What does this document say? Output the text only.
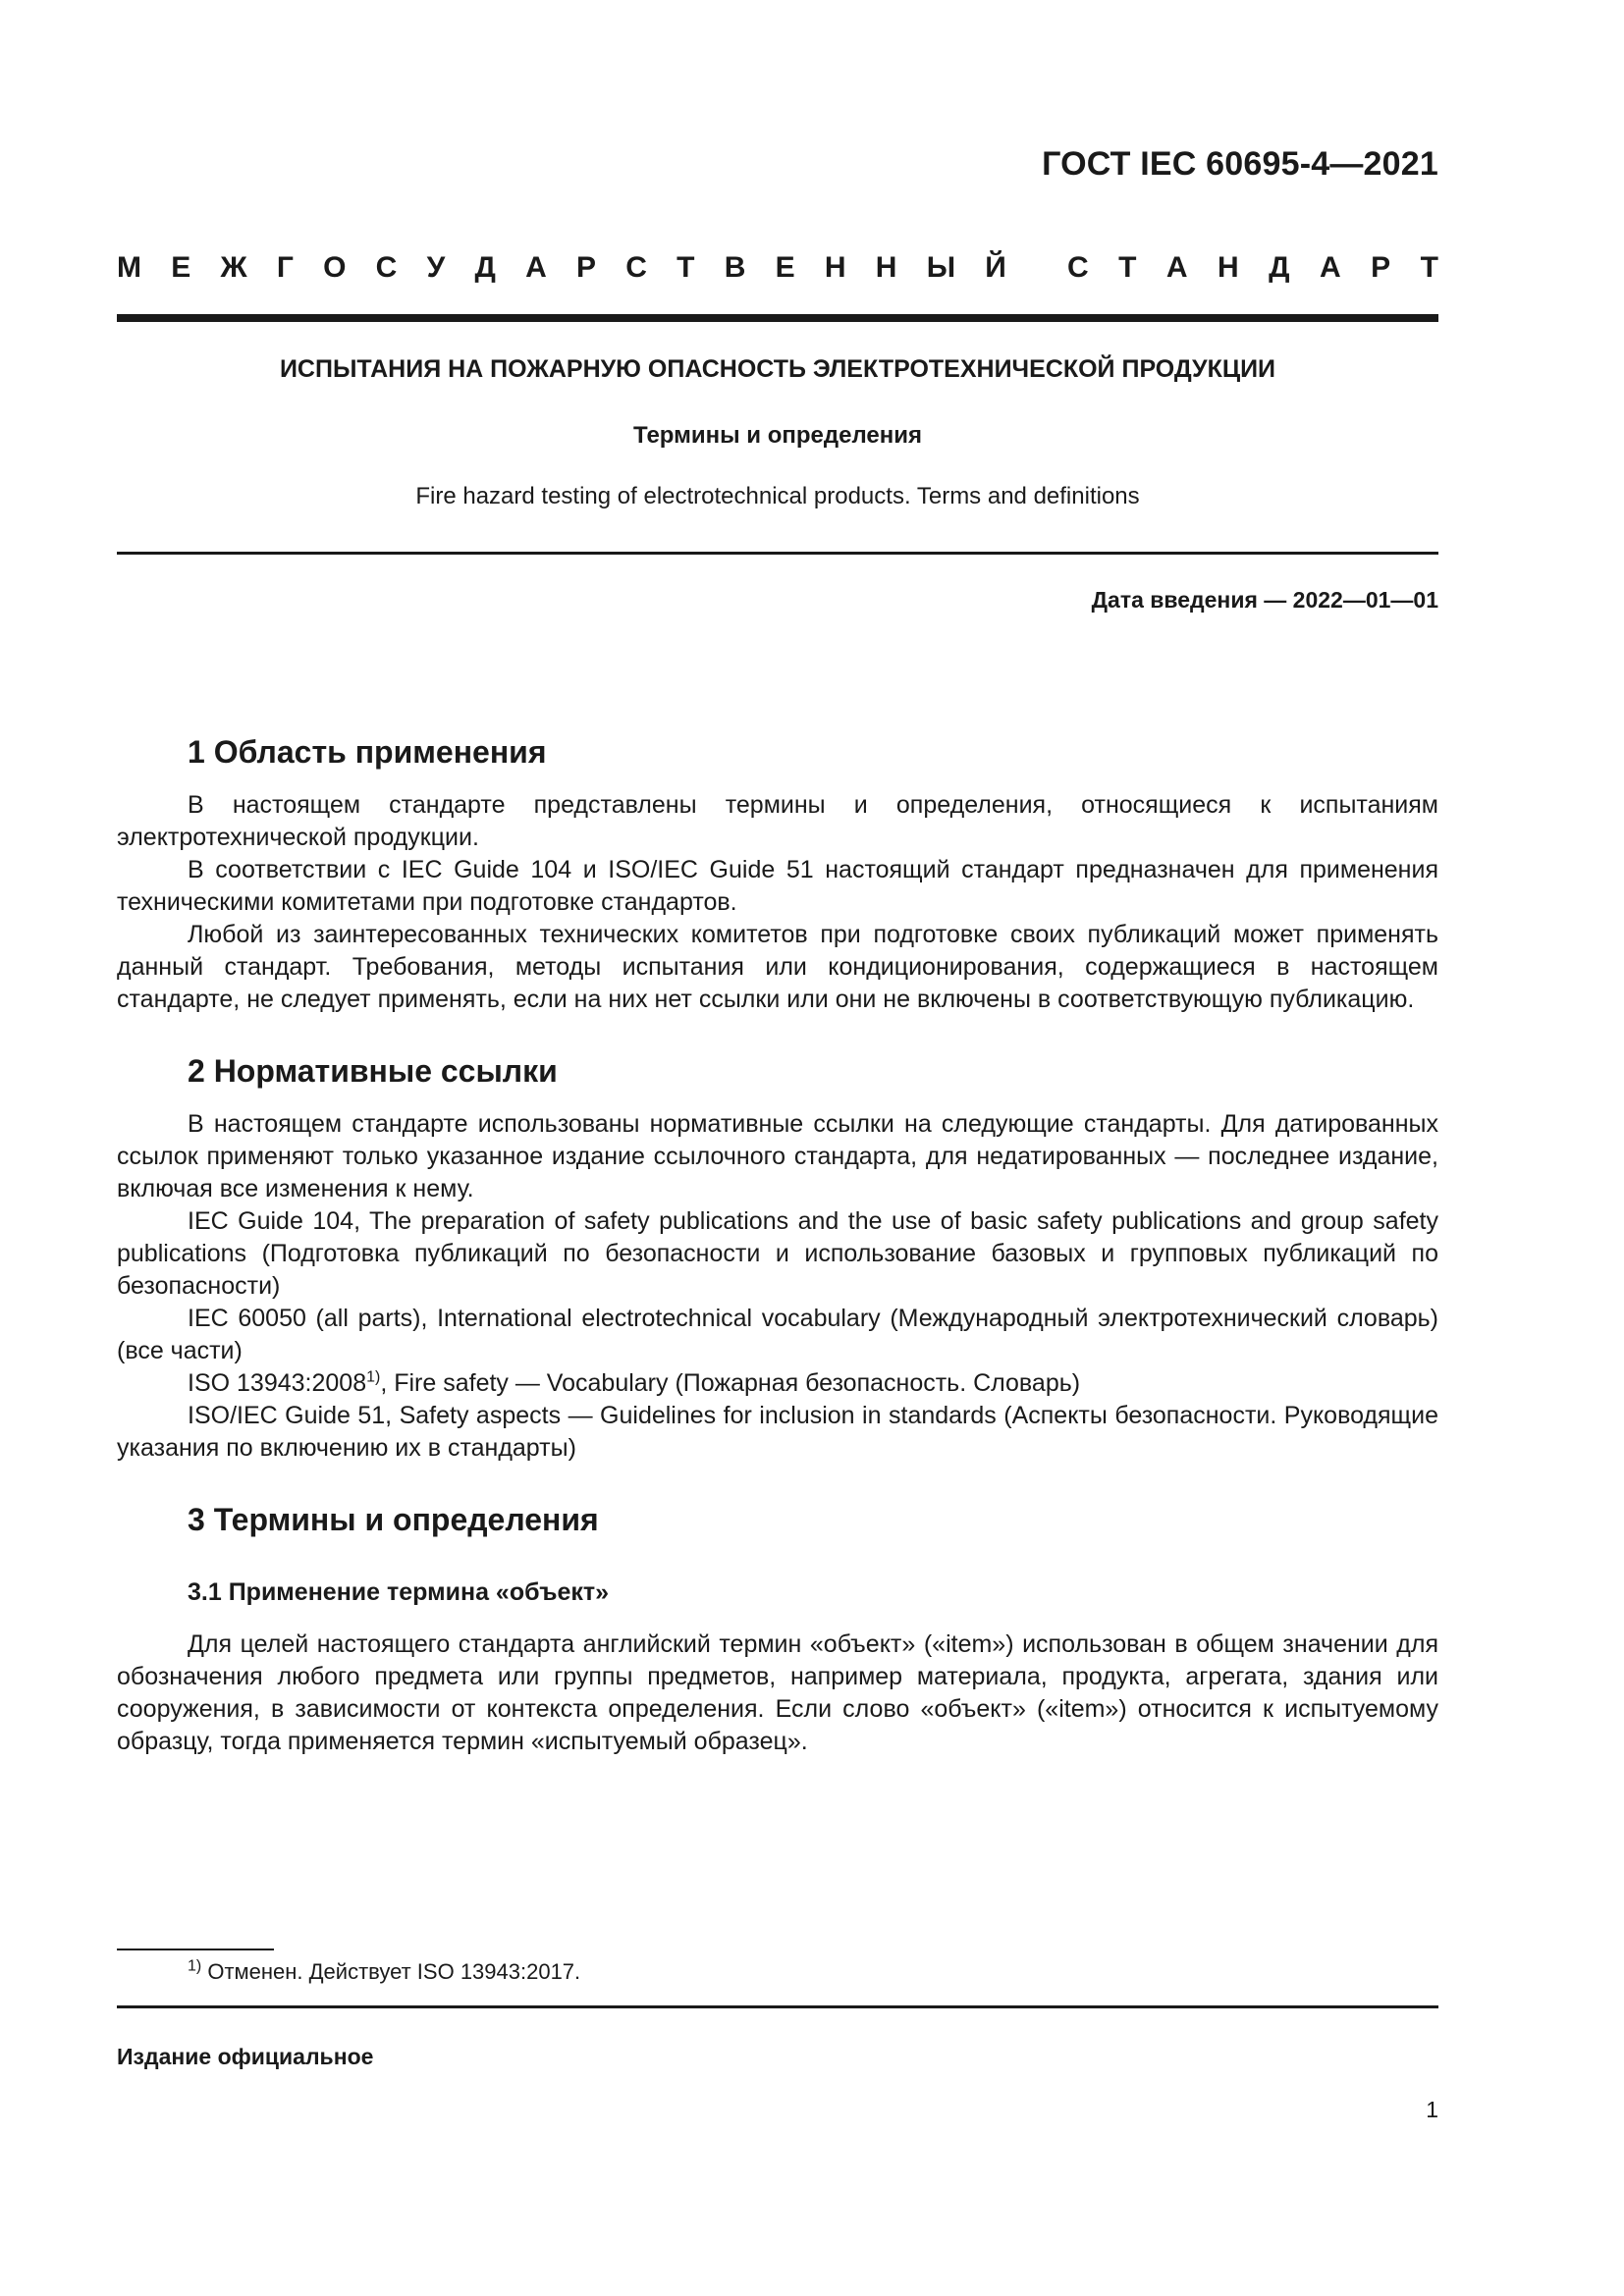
ГОСТ IEC 60695-4—2021

М Е Ж Г О С У Д А Р С Т В Е Н Н Ы Й С Т А Н Д А Р Т

ИСПЫТАНИЯ НА ПОЖАРНУЮ ОПАСНОСТЬ ЭЛЕКТРОТЕХНИЧЕСКОЙ ПРОДУКЦИИ

Термины и определения

Fire hazard testing of electrotechnical products. Terms and definitions

Дата введения — 2022—01—01

1 Область применения

В настоящем стандарте представлены термины и определения, относящиеся к испытаниям электротехнической продукции.

В соответствии с IEC Guide 104 и ISO/IEC Guide 51 настоящий стандарт предназначен для применения техническими комитетами при подготовке стандартов.

Любой из заинтересованных технических комитетов при подготовке своих публикаций может применять данный стандарт. Требования, методы испытания или кондиционирования, содержащиеся в настоящем стандарте, не следует применять, если на них нет ссылки или они не включены в соответствующую публикацию.

2 Нормативные ссылки

В настоящем стандарте использованы нормативные ссылки на следующие стандарты. Для датированных ссылок применяют только указанное издание ссылочного стандарта, для недатированных — последнее издание, включая все изменения к нему.

IEC Guide 104, The preparation of safety publications and the use of basic safety publications and group safety publications (Подготовка публикаций по безопасности и использование базовых и групповых публикаций по безопасности)

IEC 60050 (all parts), International electrotechnical vocabulary (Международный электротехнический словарь) (все части)

ISO 13943:2008$^{1)}$, Fire safety — Vocabulary (Пожарная безопасность. Словарь)

ISO/IEC Guide 51, Safety aspects — Guidelines for inclusion in standards (Аспекты безопасности. Руководящие указания по включению их в стандарты)

3 Термины и определения
3.1 Применение термина «объект»

Для целей настоящего стандарта английский термин «объект» («item») использован в общем значении для обозначения любого предмета или группы предметов, например материала, продукта, агрегата, здания или сооружения, в зависимости от контекста определения. Если слово «объект» («item») относится к испытуемому образцу, тогда применяется термин «испытуемый образец».

$^{1)}$ Отменен. Действует ISO 13943:2017.

Издание официальное

1
